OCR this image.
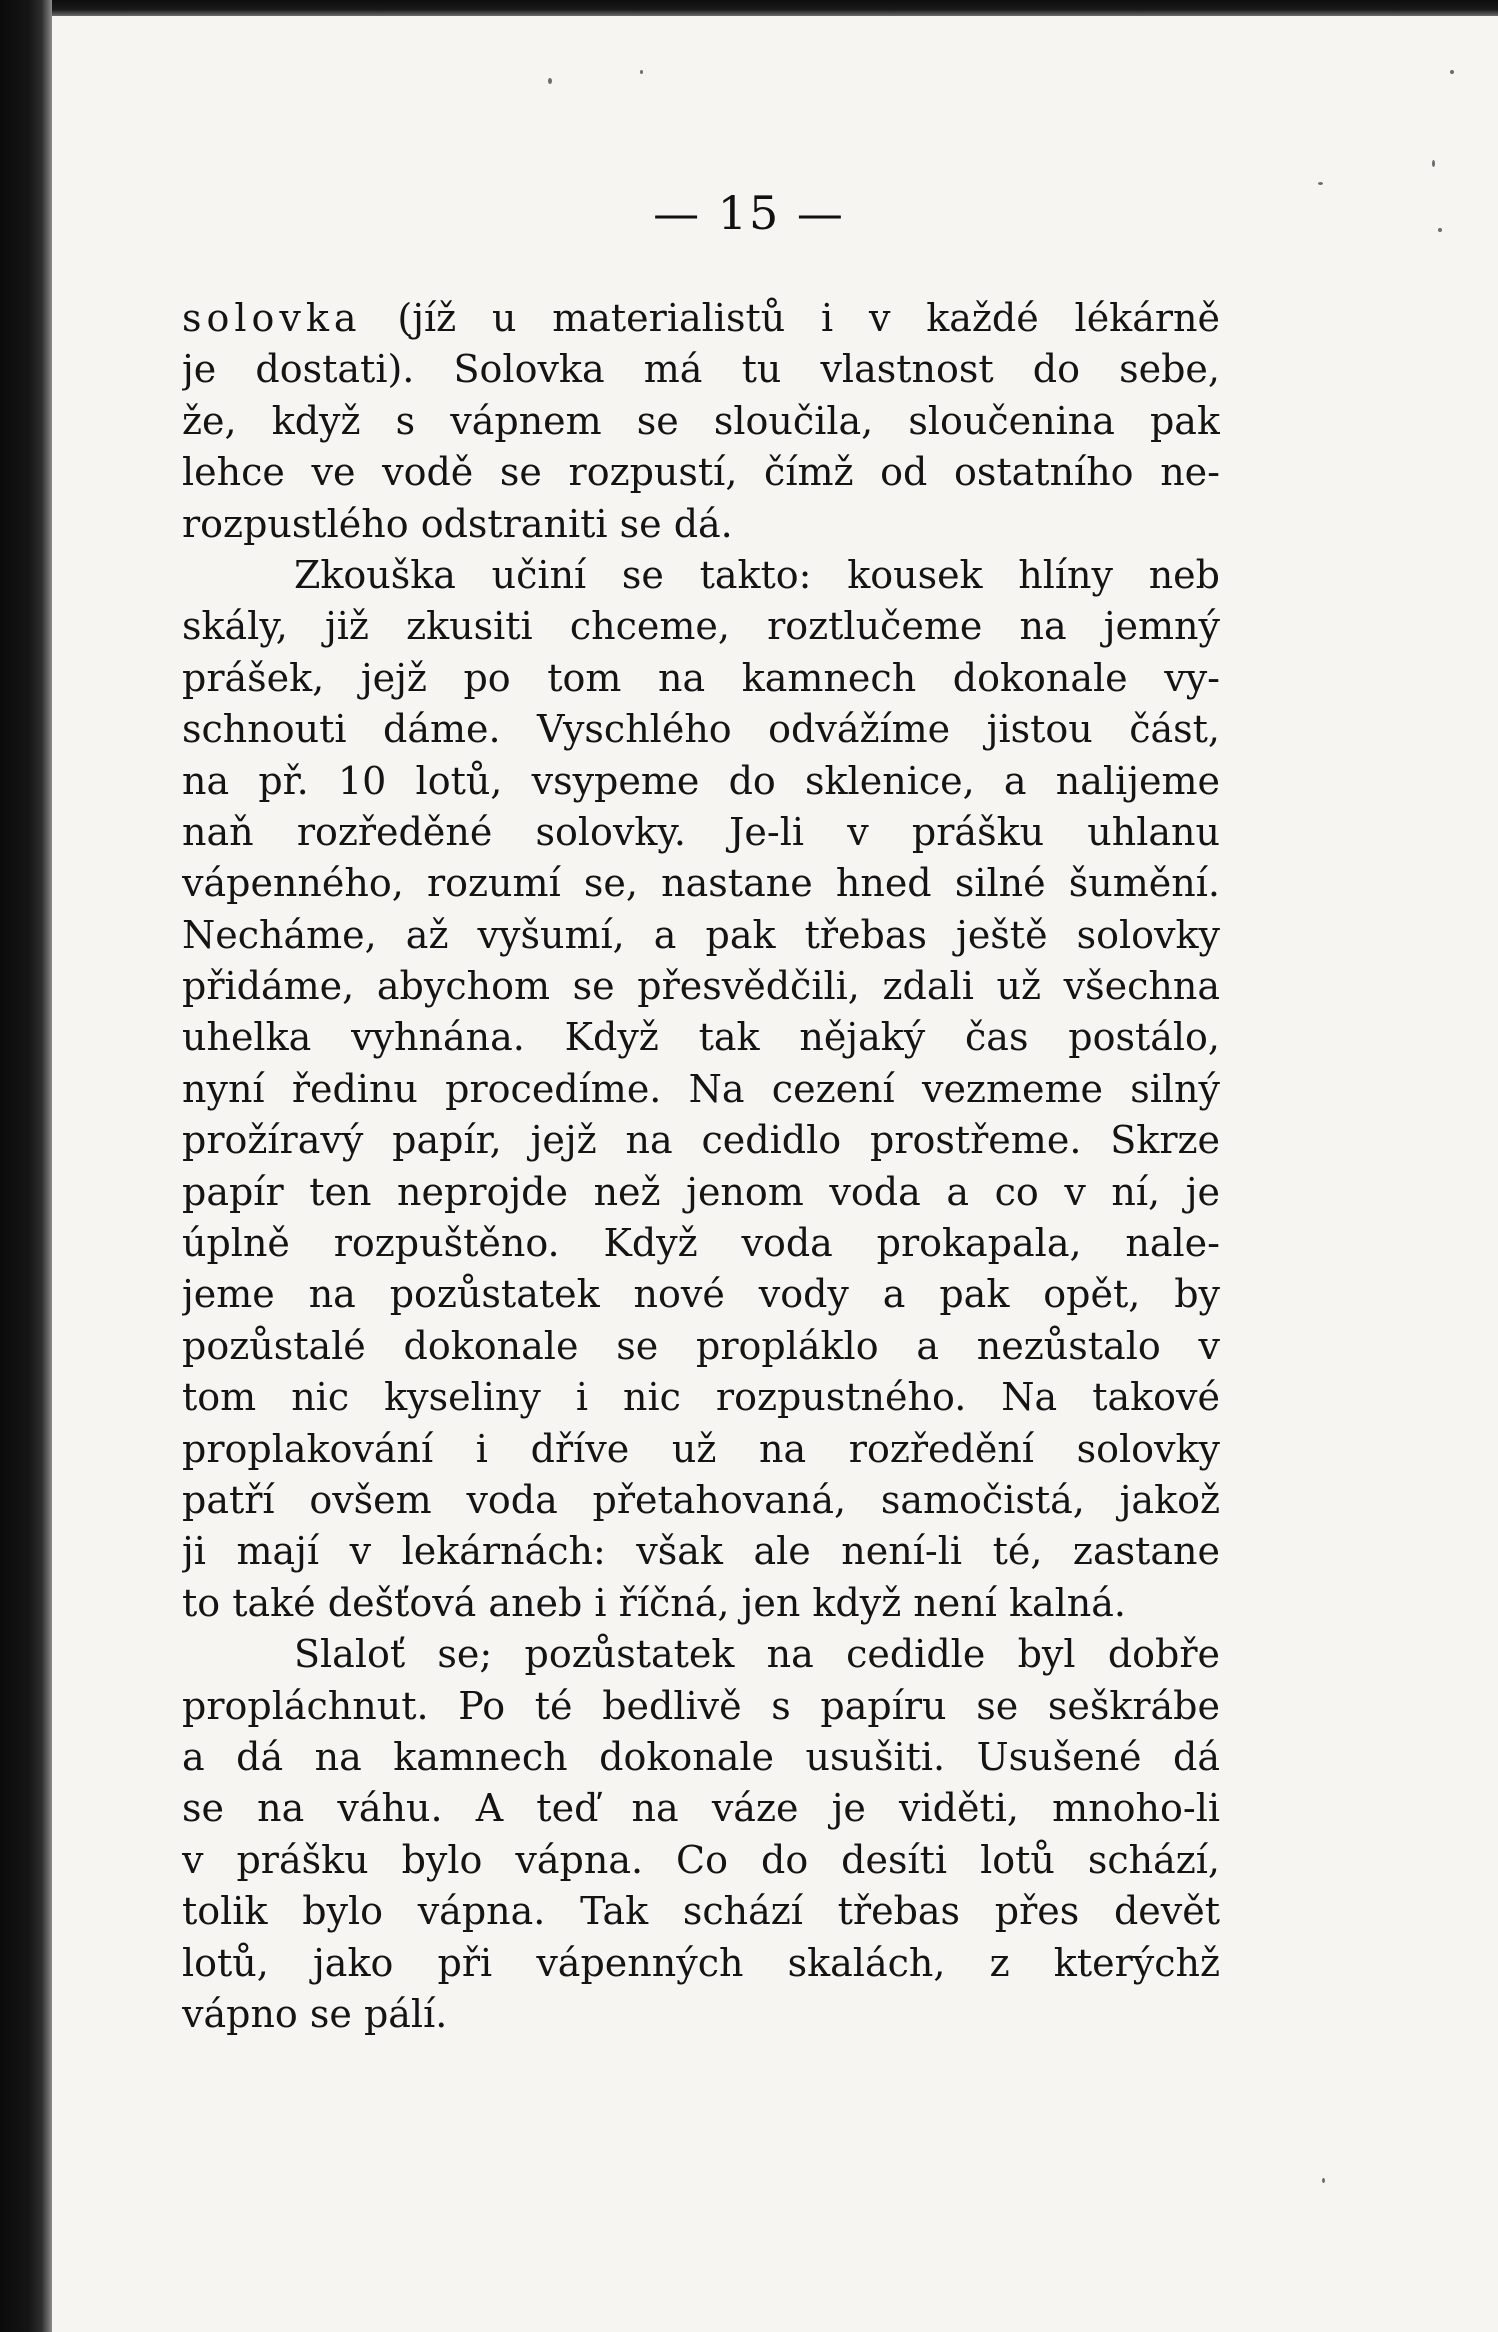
— 15 —
solovka (jíž u materialistů i v každé lékárně
je dostati). Solovka má tu vlastnost do sebe,
že, když s vápnem se sloučila, sloučenina pak
lehce ve vodě se rozpustí, čímž od ostatního ne-
rozpustlého odstraniti se dá.
Zkouška učiní se takto: kousek hlíny neb
skály, již zkusiti chceme, roztlučeme na jemný
prášek, jejž po tom na kamnech dokonale vy-
schnouti dáme. Vyschlého odvážíme jistou část,
na př. 10 lotů, vsypeme do sklenice, a nalijeme
naň rozředěné solovky. Je-li v prášku uhlanu
vápenného, rozumí se, nastane hned silné šumění.
Necháme, až vyšumí, a pak třebas ještě solovky
přidáme, abychom se přesvědčili, zdali už všechna
uhelka vyhnána. Když tak nějaký čas postálo,
nyní ředinu procedíme. Na cezení vezmeme silný
prožíravý papír, jejž na cedidlo prostřeme. Skrze
papír ten neprojde než jenom voda a co v ní, je
úplně rozpuštěno. Když voda prokapala, nale-
jeme na pozůstatek nové vody a pak opět, by
pozůstalé dokonale se propláklo a nezůstalo v
tom nic kyseliny i nic rozpustného. Na takové
proplakování i dříve už na rozředění solovky
patří ovšem voda přetahovaná, samočistá, jakož
ji mají v lekárnách: však ale není-li té, zastane
to také dešťová aneb i říčná, jen když není kalná.
Slaloť se; pozůstatek na cedidle byl dobře
propláchnut. Po té bedlivě s papíru se seškrábe
a dá na kamnech dokonale usušiti. Usušené dá
se na váhu. A teď na váze je viděti, mnoho-li
v prášku bylo vápna. Co do desíti lotů schází,
tolik bylo vápna. Tak schází třebas přes devět
lotů, jako při vápenných skalách, z kterýchž
vápno se pálí.
